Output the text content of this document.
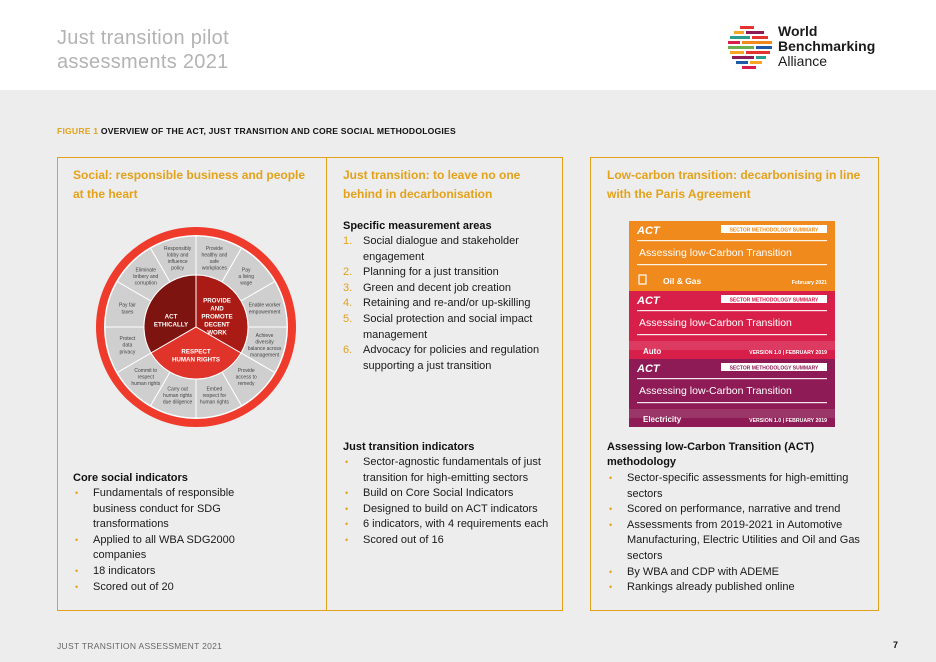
Just transition pilot
assessments 2021
World
Benchmarking
Alliance
FIGURE 1 OVERVIEW OF THE ACT, JUST TRANSITION AND CORE SOCIAL METHODOLOGIES
Social: responsible business and people at the heart
Responsibly lobby and influence policy
Provide healthy and safe workplaces	Pay a living wage
Enable worker empowerment
Achieve diversity balance across management
Provide access to remedy
Embed respect for human rights
Carry out human rights due diligence
Commit to respect human rights
Protect data privacy
Pay fair taxes
Eliminate bribery and corruption
ACT ETHICALLY
PROVIDE AND PROMOTE DECENT WORK
RESPECT HUMAN RIGHTS
Core social indicators
• Fundamentals of responsible business conduct for SDG transformations
• Applied to all WBA SDG2000 companies
• 18 indicators
• Scored out of 20
Just transition: to leave no one behind in decarbonisation
Specific measurement areas
1. Social dialogue and stakeholder engagement
2. Planning for a just transition
3. Green and decent job creation
4. Retaining and re-and/or up-skilling
5. Social protection and social impact management
6. Advocacy for policies and regulation supporting a just transition
Just transition indicators
• Sector-agnostic fundamentals of just transition for high-emitting sectors
• Build on Core Social Indicators
• Designed to build on ACT indicators
• 6 indicators, with 4 requirements each
• Scored out of 16
Low-carbon transition: decarbonising in line with the Paris Agreement
ACT	SECTOR METHODOLOGY SUMMARY
Assessing low-Carbon Transition
Oil & Gas	February 2021
ACT	SECTOR METHODOLOGY SUMMARY
Assessing low-Carbon Transition
Auto	VERSION 1.0 | FEBRUARY 2019
ACT	SECTOR METHODOLOGY SUMMARY
Assessing low-Carbon Transition
Electricity	VERSION 1.0 | FEBRUARY 2019
Assessing low-Carbon Transition (ACT) methodology
• Sector-specific assessments for high-emitting sectors
• Scored on performance, narrative and trend
• Assessments from 2019-2021 in Automotive Manufacturing, Electric Utilities and Oil and Gas sectors
• By WBA and CDP with ADEME
• Rankings already published online
JUST TRANSITION ASSESSMENT 2021	7
